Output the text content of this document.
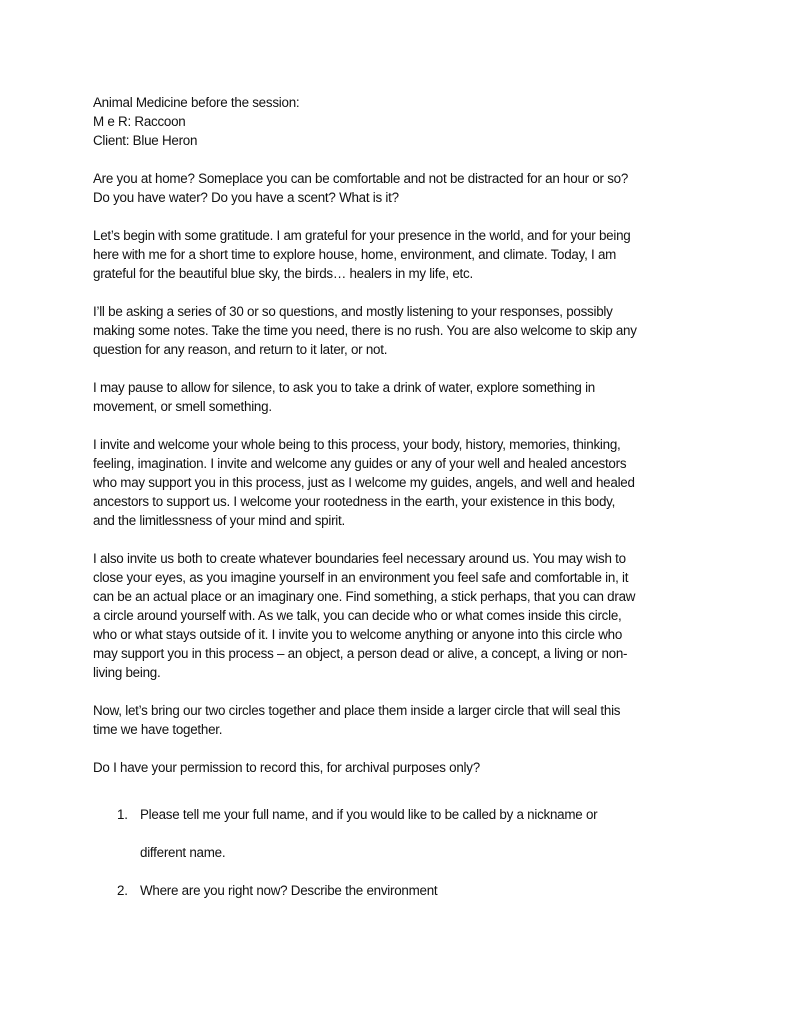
Animal Medicine before the session:
M e R: Raccoon
Client: Blue Heron
Are you at home? Someplace you can be comfortable and not be distracted for an hour or so?
Do you have water? Do you have a scent? What is it?
Let’s begin with some gratitude. I am grateful for your presence in the world, and for your being
here with me for a short time to explore house, home, environment, and climate. Today, I am
grateful for the beautiful blue sky, the birds… healers in my life, etc.
I’ll be asking a series of 30 or so questions, and mostly listening to your responses, possibly
making some notes. Take the time you need, there is no rush. You are also welcome to skip any
question for any reason, and return to it later, or not.
I may pause to allow for silence, to ask you to take a drink of water, explore something in
movement, or smell something.
I invite and welcome your whole being to this process, your body, history, memories, thinking,
feeling, imagination. I invite and welcome any guides or any of your well and healed ancestors
who may support you in this process, just as I welcome my guides, angels, and well and healed
ancestors to support us. I welcome your rootedness in the earth, your existence in this body,
and the limitlessness of your mind and spirit.
I also invite us both to create whatever boundaries feel necessary around us. You may wish to
close your eyes, as you imagine yourself in an environment you feel safe and comfortable in, it
can be an actual place or an imaginary one. Find something, a stick perhaps, that you can draw
a circle around yourself with. As we talk, you can decide who or what comes inside this circle,
who or what stays outside of it. I invite you to welcome anything or anyone into this circle who
may support you in this process – an object, a person dead or alive, a concept, a living or non-
living being.
Now, let’s bring our two circles together and place them inside a larger circle that will seal this
time we have together.
Do I have your permission to record this, for archival purposes only?
1. Please tell me your full name, and if you would like to be called by a nickname or
different name.
2. Where are you right now? Describe the environment
